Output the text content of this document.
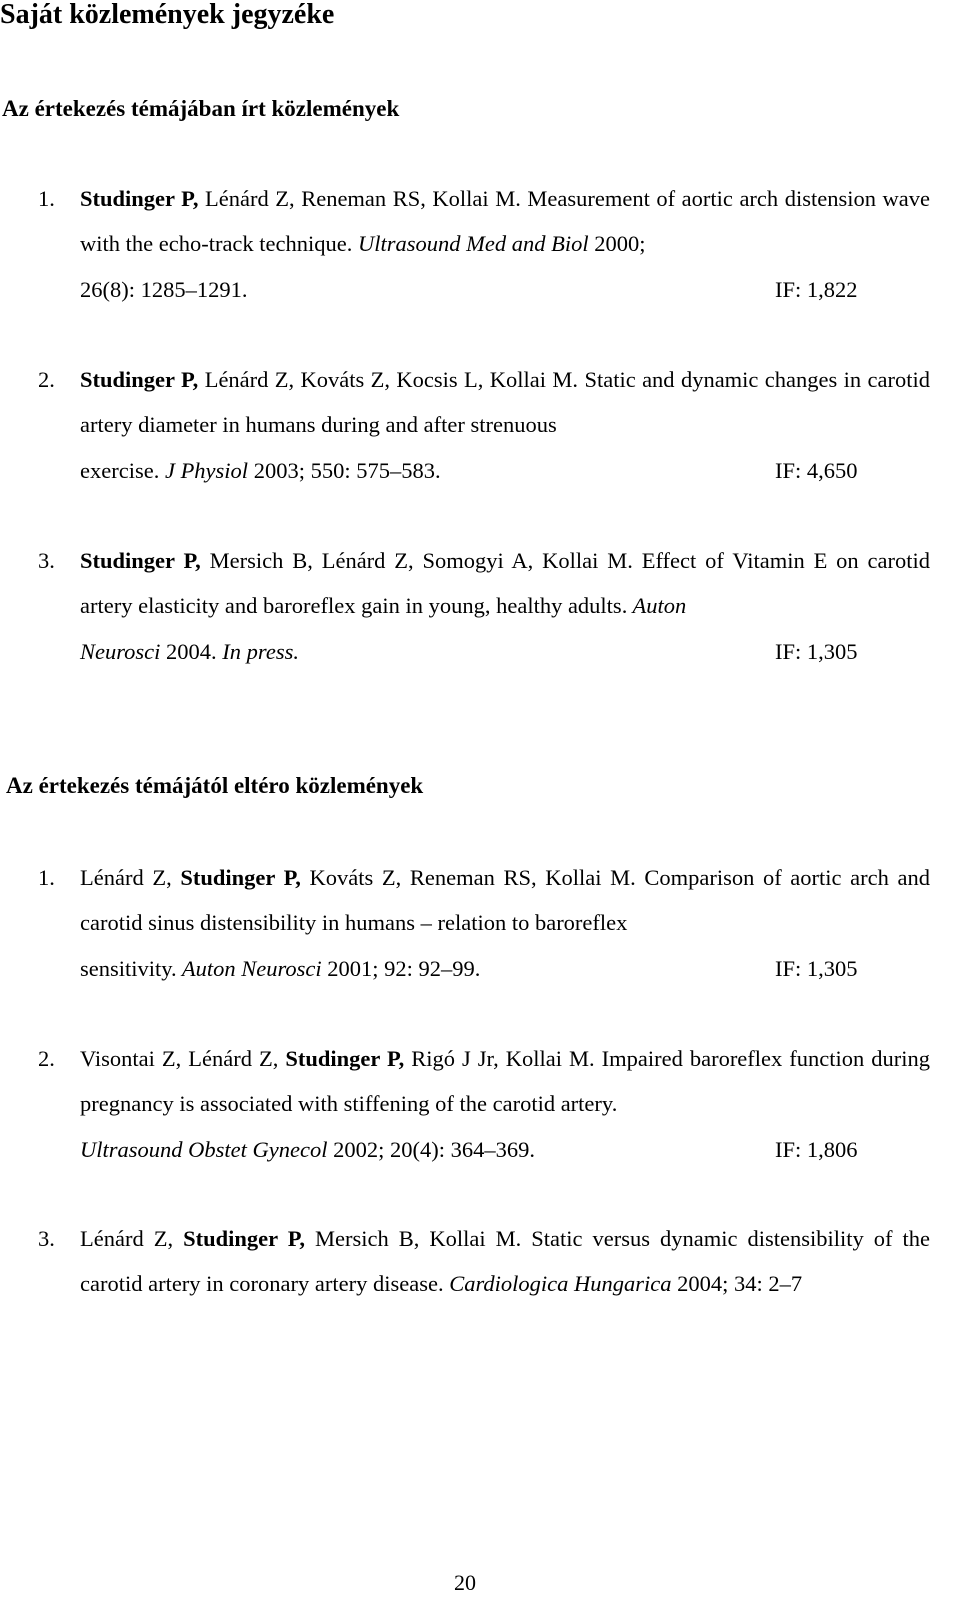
Saját közlemények jegyzéke
Az értekezés témájában írt közlemények
1. Studinger P, Lénárd Z, Reneman RS, Kollai M. Measurement of aortic arch distension wave with the echo-track technique. Ultrasound Med and Biol 2000;
26(8): 1285–1291.	IF: 1,822
2. Studinger P, Lénárd Z, Kováts Z, Kocsis L, Kollai M. Static and dynamic changes in carotid artery diameter in humans during and after strenuous
exercise. J Physiol 2003; 550: 575–583.	IF: 4,650
3. Studinger P, Mersich B, Lénárd Z, Somogyi A, Kollai M. Effect of Vitamin E on carotid artery elasticity and baroreflex gain in young, healthy adults. Auton
Neurosci 2004. In press.	IF: 1,305
Az értekezés témájától eltéro közlemények
1. Lénárd Z, Studinger P, Kováts Z, Reneman RS, Kollai M. Comparison of aortic arch and carotid sinus distensibility in humans – relation to baroreflex
sensitivity. Auton Neurosci 2001; 92: 92–99.	IF: 1,305
2. Visontai Z, Lénárd Z, Studinger P, Rigó J Jr, Kollai M. Impaired baroreflex function during pregnancy is associated with stiffening of the carotid artery.
Ultrasound Obstet Gynecol 2002; 20(4): 364–369.	IF: 1,806
3. Lénárd Z, Studinger P, Mersich B, Kollai M. Static versus dynamic distensibility of the carotid artery in coronary artery disease. Cardiologica Hungarica 2004; 34: 2–7
20
